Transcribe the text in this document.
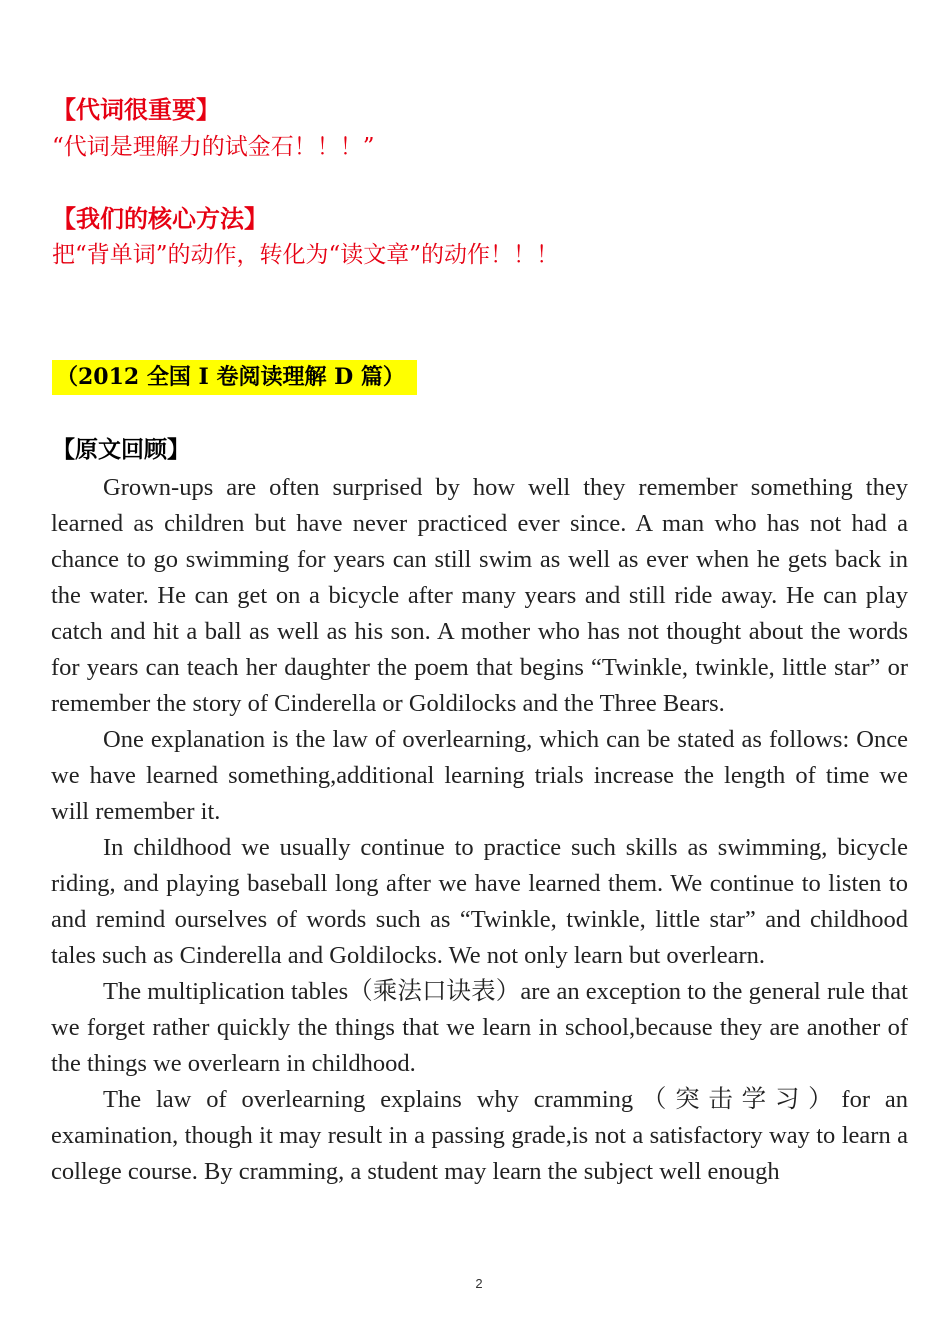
【代词很重要】
“代词是理解力的试金石！！！”
【我们的核心方法】
把“背单词”的动作，转化为“读文章”的动作！！！
（2012 全国 I 卷阅读理解 D 篇）
【原文回顾】

Grown-ups are often surprised by how well they remember something they learned as children but have never practiced ever since. A man who has not had a chance to go swimming for years can still swim as well as ever when he gets back in the water. He can get on a bicycle after many years and still ride away. He can play catch and hit a ball as well as his son. A mother who has not thought about the words for years can teach her daughter the poem that begins “Twinkle, twinkle, little star” or remember the story of Cinderella or Goldilocks and the Three Bears.

One explanation is the law of overlearning, which can be stated as follows: Once we have learned something,additional learning trials increase the length of time we will remember it.

In childhood we usually continue to practice such skills as swimming, bicycle riding, and playing baseball long after we have learned them. We continue to listen to and remind ourselves of words such as “Twinkle, twinkle, little star” and childhood tales such as Cinderella and Goldilocks. We not only learn but overlearn.

The multiplication tables（乘法口诀表）are an exception to the general rule that we forget rather quickly the things that we learn in school,because they are another of the things we overlearn in childhood.

The law of overlearning explains why cramming（突击学习）for an examination, though it may result in a passing grade,is not a satisfactory way to learn a college course. By cramming, a student may learn the subject well enough

2
